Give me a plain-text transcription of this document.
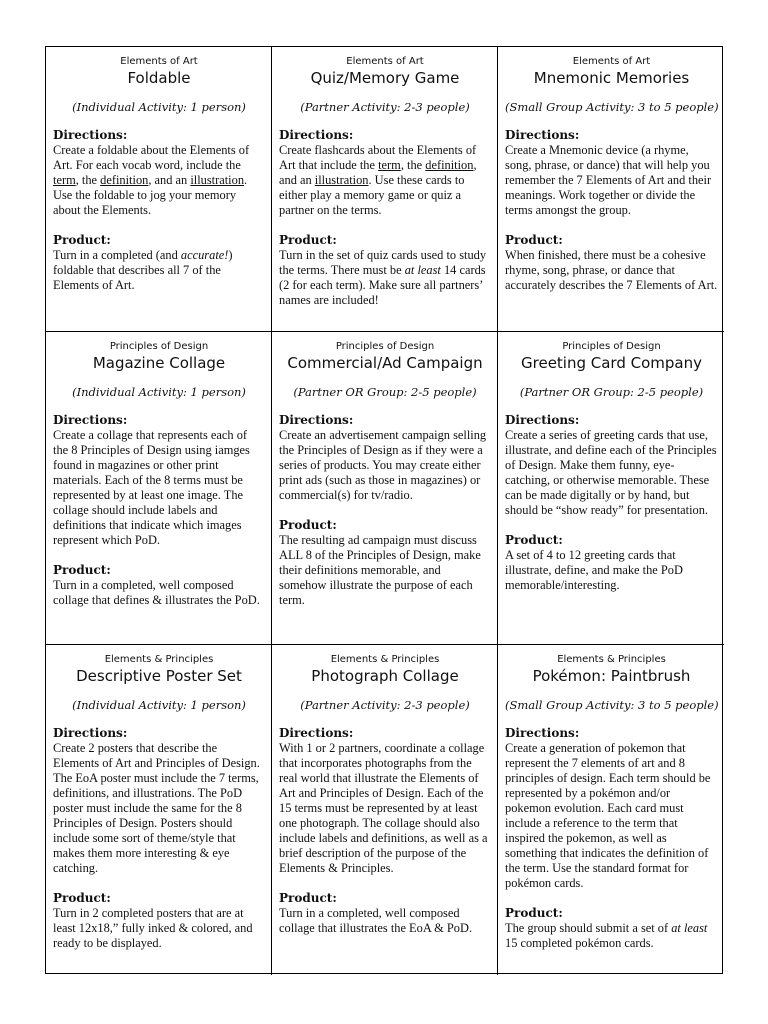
Elements of Art
Foldable
(Individual Activity: 1 person)
Directions:
Create a foldable about the Elements of Art. For each vocab word, include the term, the definition, and an illustration. Use the foldable to jog your memory about the Elements.
Product:
Turn in a completed (and accurate!) foldable that describes all 7 of the Elements of Art.
Elements of Art
Quiz/Memory Game
(Partner Activity: 2-3 people)
Directions:
Create flashcards about the Elements of Art that include the term, the definition, and an illustration. Use these cards to either play a memory game or quiz a partner on the terms.
Product:
Turn in the set of quiz cards used to study the terms. There must be at least 14 cards (2 for each term). Make sure all partners’ names are included!
Elements of Art
Mnemonic Memories
(Small Group Activity: 3 to 5 people)
Directions:
Create a Mnemonic device (a rhyme, song, phrase, or dance) that will help you remember the 7 Elements of Art and their meanings. Work together or divide the terms amongst the group.
Product:
When finished, there must be a cohesive rhyme, song, phrase, or dance that accurately describes the 7 Elements of Art.
Principles of Design
Magazine Collage
(Individual Activity: 1 person)
Directions:
Create a collage that represents each of the 8 Principles of Design using iamges found in magazines or other print materials. Each of the 8 terms must be represented by at least one image. The collage should include labels and definitions that indicate which images represent which PoD.
Product:
Turn in a completed, well composed collage that defines & illustrates the PoD.
Principles of Design
Commercial/Ad Campaign
(Partner OR Group: 2-5 people)
Directions:
Create an advertisement campaign selling the Principles of Design as if they were a series of products. You may create either print ads (such as those in magazines) or commercial(s) for tv/radio.
Product:
The resulting ad campaign must discuss ALL 8 of the Principles of Design, make their definitions memorable, and somehow illustrate the purpose of each term.
Principles of Design
Greeting Card Company
(Partner OR Group: 2-5 people)
Directions:
Create a series of greeting cards that use, illustrate, and define each of the Principles of Design. Make them funny, eye-catching, or otherwise memorable. These can be made digitally or by hand, but should be “show ready” for presentation.
Product:
A set of 4 to 12 greeting cards that illustrate, define, and make the PoD memorable/interesting.
Elements & Principles
Descriptive Poster Set
(Individual Activity: 1 person)
Directions:
Create 2 posters that describe the Elements of Art and Principles of Design. The EoA poster must include the 7 terms, definitions, and illustrations. The PoD poster must include the same for the 8 Principles of Design. Posters should include some sort of theme/style that makes them more interesting & eye catching.
Product:
Turn in 2 completed posters that are at least 12x18,” fully inked & colored, and ready to be displayed.
Elements & Principles
Photograph Collage
(Partner Activity: 2-3 people)
Directions:
With 1 or 2 partners, coordinate a collage that incorporates photographs from the real world that illustrate the Elements of Art and Principles of Design. Each of the 15 terms must be represented by at least one photograph. The collage should also include labels and definitions, as well as a brief description of the purpose of the Elements & Principles.
Product:
Turn in a completed, well composed collage that illustrates the EoA & PoD.
Elements & Principles
Pokémon: Paintbrush
(Small Group Activity: 3 to 5 people)
Directions:
Create a generation of pokemon that represent the 7 elements of art and 8 principles of design. Each term should be represented by a pokémon and/or pokemon evolution. Each card must include a reference to the term that inspired the pokemon, as well as something that indicates the definition of the term. Use the standard format for pokémon cards.
Product:
The group should submit a set of at least 15 completed pokémon cards.
